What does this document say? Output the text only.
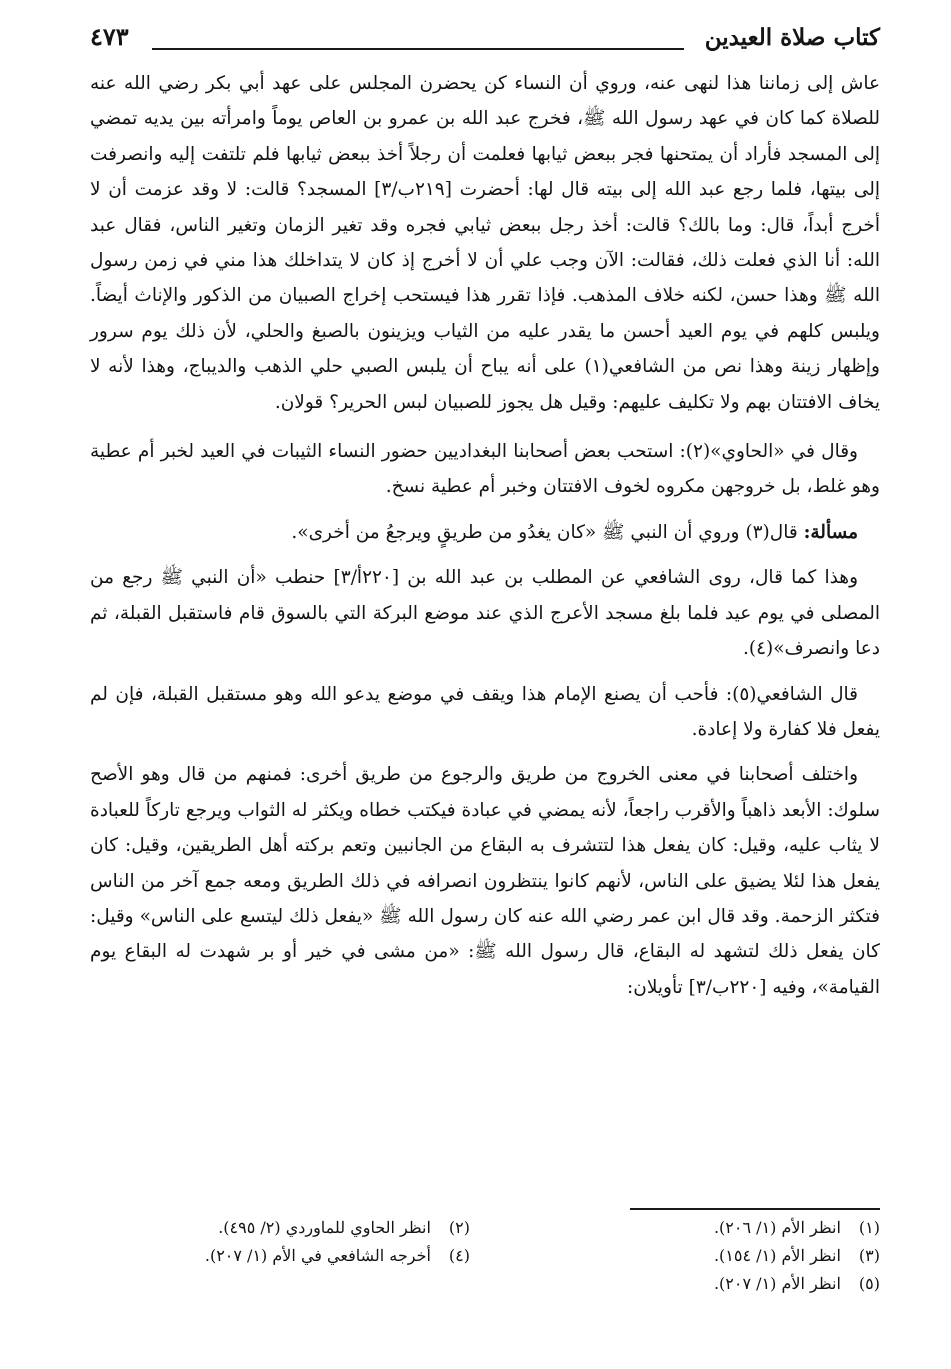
كتاب صلاة العيدين
٤٧٣

عاش إلى زماننا هذا لنهى عنه، وروي أن النساء كن يحضرن المجلس على عهد أبي بكر رضي الله عنه للصلاة كما كان في عهد رسول الله ﷺ، فخرج عبد الله بن عمرو بن العاص يوماً وامرأته بين يديه تمضي إلى المسجد فأراد أن يمتحنها فجر ببعض ثيابها فعلمت أن رجلاً أخذ ببعض ثيابها فلم تلتفت إليه وانصرفت إلى بيتها، فلما رجع عبد الله إلى بيته قال لها: أحضرت [٢١٩ب/٣] المسجد؟ قالت: لا وقد عزمت أن لا أخرج أبداً، قال: وما بالك؟ قالت: أخذ رجل ببعض ثيابي فجره وقد تغير الزمان وتغير الناس، فقال عبد الله: أنا الذي فعلت ذلك، فقالت: الآن وجب علي أن لا أخرج إذ كان لا يتداخلك هذا مني في زمن رسول الله ﷺ وهذا حسن، لكنه خلاف المذهب. فإذا تقرر هذا فيستحب إخراج الصبيان من الذكور والإناث أيضاً. ويلبس كلهم في يوم العيد أحسن ما يقدر عليه من الثياب ويزينون بالصبغ والحلي، لأن ذلك يوم سرور وإظهار زينة وهذا نص من الشافعي(١) على أنه يباح أن يلبس الصبي حلي الذهب والديباج، وهذا لأنه لا يخاف الافتتان بهم ولا تكليف عليهم: وقيل هل يجوز للصبيان لبس الحرير؟ قولان.

وقال في «الحاوي»(٢): استحب بعض أصحابنا البغداديين حضور النساء الثيبات في العيد لخبر أم عطية وهو غلط، بل خروجهن مكروه لخوف الافتتان وخبر أم عطية نسخ.

مسألة: قال(٣) وروي أن النبي ﷺ «كان يغدُو من طريقٍ ويرجعُ من أخرى».

وهذا كما قال، روى الشافعي عن المطلب بن عبد الله بن [٢٢٠أ/٣] حنطب «أن النبي ﷺ رجع من المصلى في يوم عيد فلما بلغ مسجد الأعرج الذي عند موضع البركة التي بالسوق قام فاستقبل القبلة، ثم دعا وانصرف»(٤).

قال الشافعي(٥): فأحب أن يصنع الإمام هذا ويقف في موضع يدعو الله وهو مستقبل القبلة، فإن لم يفعل فلا كفارة ولا إعادة.

واختلف أصحابنا في معنى الخروج من طريق والرجوع من طريق أخرى: فمنهم من قال وهو الأصح سلوك: الأبعد ذاهباً والأقرب راجعاً، لأنه يمضي في عبادة فيكتب خطاه ويكثر له الثواب ويرجع تاركاً للعبادة لا يثاب عليه، وقيل: كان يفعل هذا لتتشرف به البقاع من الجانبين وتعم بركته أهل الطريقين، وقيل: كان يفعل هذا لئلا يضيق على الناس، لأنهم كانوا ينتظرون انصرافه في ذلك الطريق ومعه جمع آخر من الناس فتكثر الزحمة. وقد قال ابن عمر رضي الله عنه كان رسول الله ﷺ «يفعل ذلك ليتسع على الناس» وقيل: كان يفعل ذلك لتشهد له البقاع، قال رسول الله ﷺ: «من مشى في خير أو بر شهدت له البقاع يوم القيامة»، وفيه [٢٢٠ب/٣] تأويلان:

(١) انظر الأم (١/ ٢٠٦).
(٢) انظر الحاوي للماوردي (٢/ ٤٩٥).
(٣) انظر الأم (١/ ١٥٤).
(٤) أخرجه الشافعي في الأم (١/ ٢٠٧).
(٥) انظر الأم (١/ ٢٠٧).
